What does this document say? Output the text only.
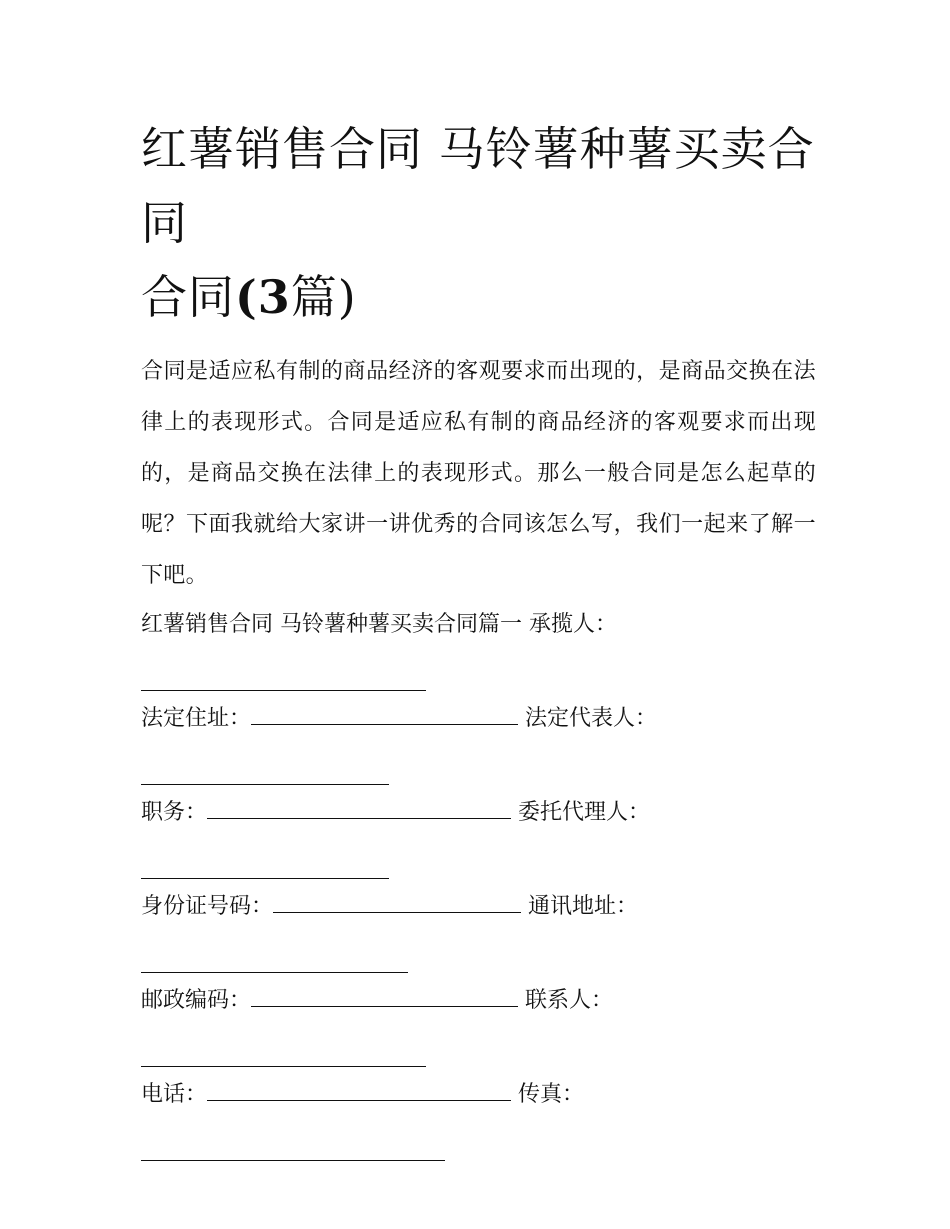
红薯销售合同 马铃薯种薯买卖合同
合同(3篇)

合同是适应私有制的商品经济的客观要求而出现的，是商品交换在法律上的表现形式。合同是适应私有制的商品经济的客观要求而出现的，是商品交换在法律上的表现形式。那么一般合同是怎么起草的呢？下面我就给大家讲一讲优秀的合同该怎么写，我们一起来了解一下吧。

红薯销售合同 马铃薯种薯买卖合同篇一 承揽人：

法定住址：	法定代表人：

职务：	委托代理人：

身份证号码：	通讯地址：

邮政编码：	联系人：

电话：	传真：
